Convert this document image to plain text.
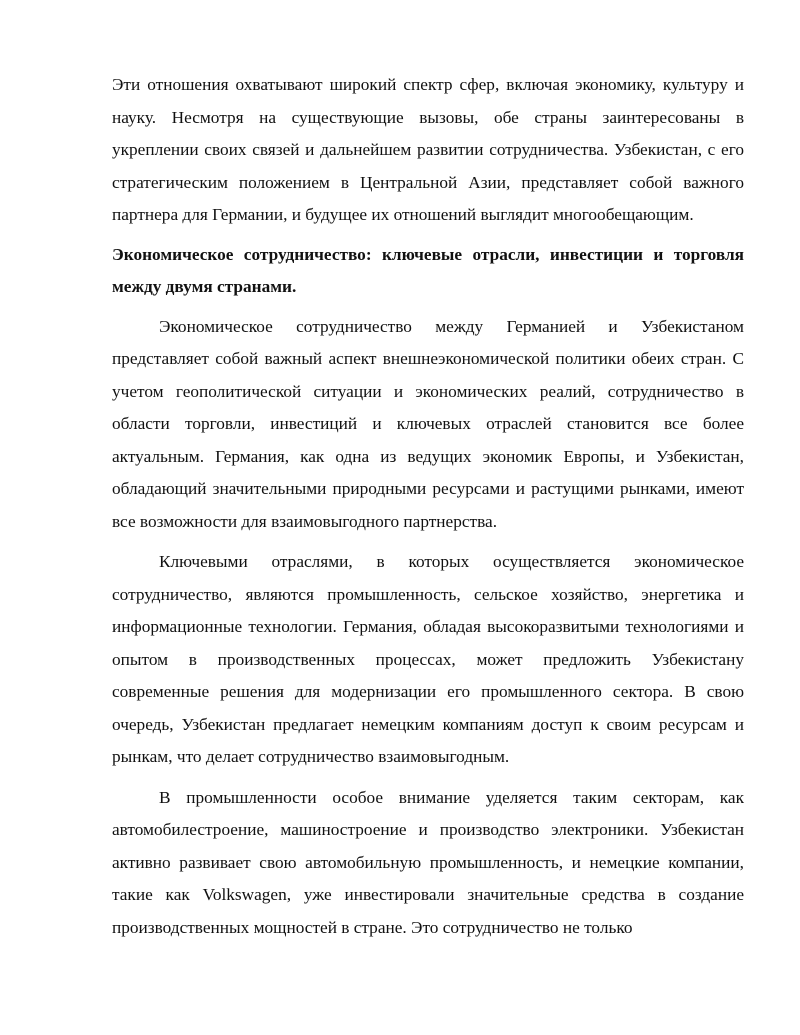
Эти отношения охватывают широкий спектр сфер, включая экономику, культуру и науку. Несмотря на существующие вызовы, обе страны заинтересованы в укреплении своих связей и дальнейшем развитии сотрудничества. Узбекистан, с его стратегическим положением в Центральной Азии, представляет собой важного партнера для Германии, и будущее их отношений выглядит многообещающим.

Экономическое сотрудничество: ключевые отрасли, инвестиции и торговля между двумя странами.

Экономическое сотрудничество между Германией и Узбекистаном представляет собой важный аспект внешнеэкономической политики обеих стран. С учетом геополитической ситуации и экономических реалий, сотрудничество в области торговли, инвестиций и ключевых отраслей становится все более актуальным. Германия, как одна из ведущих экономик Европы, и Узбекистан, обладающий значительными природными ресурсами и растущими рынками, имеют все возможности для взаимовыгодного партнерства.

Ключевыми отраслями, в которых осуществляется экономическое сотрудничество, являются промышленность, сельское хозяйство, энергетика и информационные технологии. Германия, обладая высокоразвитыми технологиями и опытом в производственных процессах, может предложить Узбекистану современные решения для модернизации его промышленного сектора. В свою очередь, Узбекистан предлагает немецким компаниям доступ к своим ресурсам и рынкам, что делает сотрудничество взаимовыгодным.

В промышленности особое внимание уделяется таким секторам, как автомобилестроение, машиностроение и производство электроники. Узбекистан активно развивает свою автомобильную промышленность, и немецкие компании, такие как Volkswagen, уже инвестировали значительные средства в создание производственных мощностей в стране. Это сотрудничество не только
